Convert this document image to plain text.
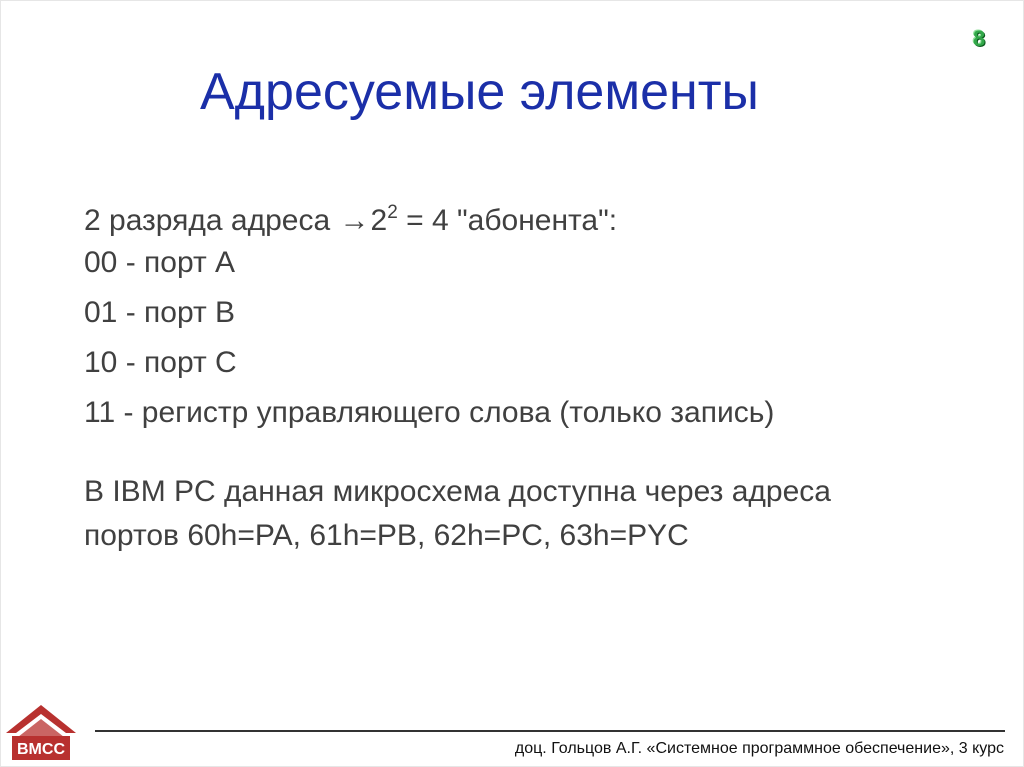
8
Адресуемые элементы
2 разряда адреса $\to 2^2 = 4$ "абонента":
00 - порт A
01 - порт B
10 - порт C
11 - регистр управляющего слова (только запись)
В IBM PC данная микросхема доступна через адреса
портов 60h=PA, 61h=PB, 62h=PC, 63h=PYC
ВМСС	доц. Гольцов А.Г. «Системное программное обеспечение», 3 курс
